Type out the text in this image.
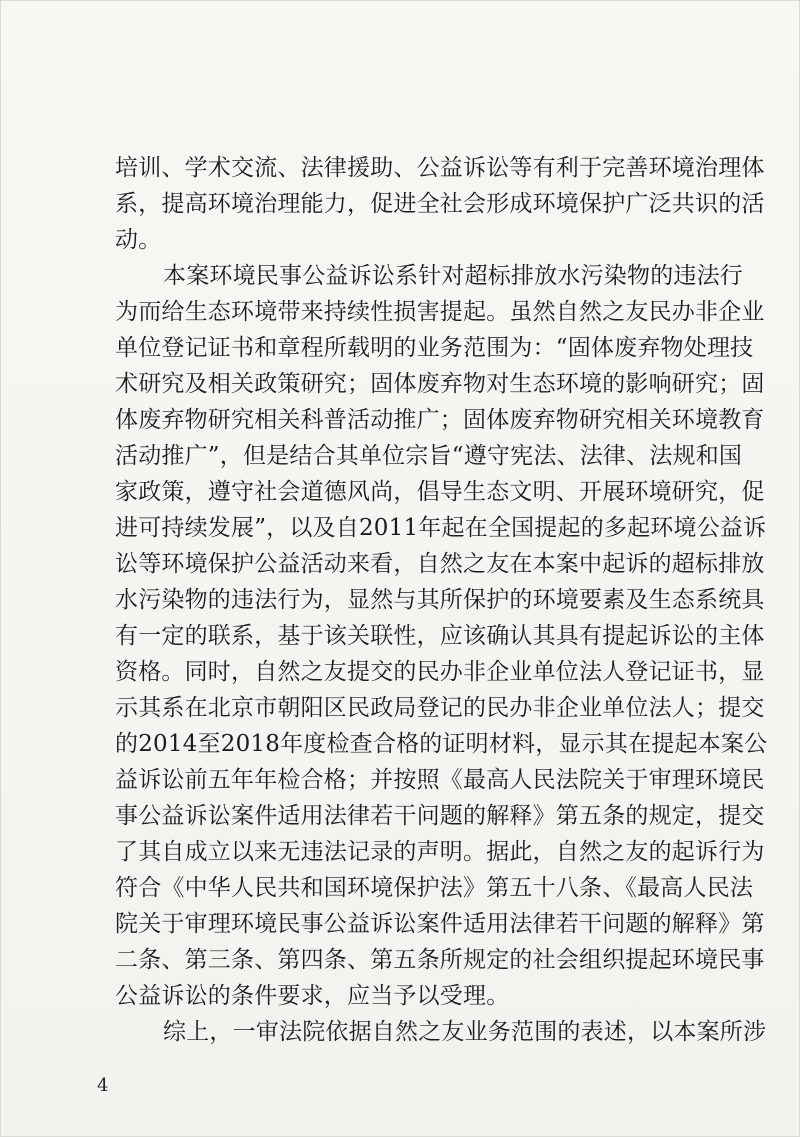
培训、学术交流、法律援助、公益诉讼等有利于完善环境治理体
系，提高环境治理能力，促进全社会形成环境保护广泛共识的活
动。
本案环境民事公益诉讼系针对超标排放水污染物的违法行
为而给生态环境带来持续性损害提起。虽然自然之友民办非企业
单位登记证书和章程所载明的业务范围为：“固体废弃物处理技
术研究及相关政策研究；固体废弃物对生态环境的影响研究；固
体废弃物研究相关科普活动推广；固体废弃物研究相关环境教育
活动推广”，但是结合其单位宗旨“遵守宪法、法律、法规和国
家政策，遵守社会道德风尚，倡导生态文明、开展环境研究，促
进可持续发展”，以及自2011年起在全国提起的多起环境公益诉
讼等环境保护公益活动来看，自然之友在本案中起诉的超标排放
水污染物的违法行为，显然与其所保护的环境要素及生态系统具
有一定的联系，基于该关联性，应该确认其具有提起诉讼的主体
资格。同时，自然之友提交的民办非企业单位法人登记证书，显
示其系在北京市朝阳区民政局登记的民办非企业单位法人；提交
的2014至2018年度检查合格的证明材料，显示其在提起本案公
益诉讼前五年年检合格；并按照《最高人民法院关于审理环境民
事公益诉讼案件适用法律若干问题的解释》第五条的规定，提交
了其自成立以来无违法记录的声明。据此，自然之友的起诉行为
符合《中华人民共和国环境保护法》第五十八条、《最高人民法
院关于审理环境民事公益诉讼案件适用法律若干问题的解释》第
二条、第三条、第四条、第五条所规定的社会组织提起环境民事
公益诉讼的条件要求，应当予以受理。
综上，一审法院依据自然之友业务范围的表述，以本案所涉
4
